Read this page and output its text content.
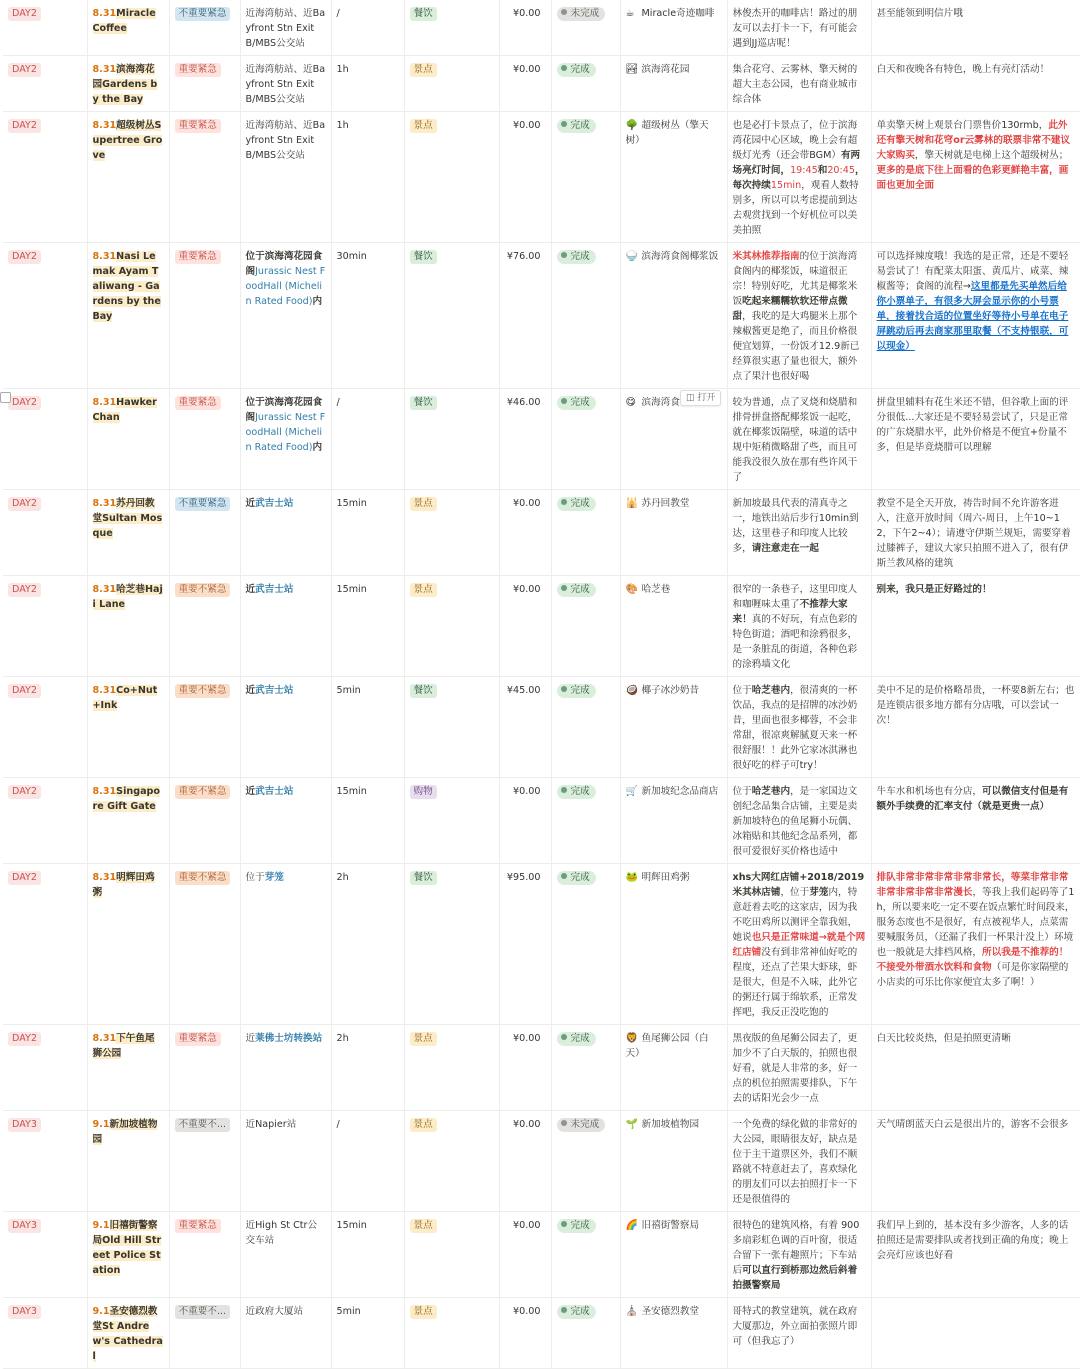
DAY2	8.31Miracle Coffee	不重要紧急	近海湾舫站、近Bayfront Stn Exit B/MBS公交站	/	餐饮	¥0.00	未完成	☕ Miracle奇迹咖啡	林俊杰开的咖啡店！路过的朋友可以去打卡一下，有可能会遇到JJ巡店呢！	甚至能领到明信片哦
DAY2	8.31滨海湾花园Gardens by the Bay	重要紧急	近海湾舫站、近Bayfront Stn Exit B/MBS公交站	1h	景点	¥0.00	完成	🏞 滨海湾花园	集合花穹、云雾林、擎天树的超大主态公园，也有商业城市综合体	白天和夜晚各有特色，晚上有亮灯活动！
DAY2	8.31超级树丛Supertree Grove	重要紧急	近海湾舫站、近Bayfront Stn Exit B/MBS公交站	1h	景点	¥0.00	完成	🌳 超级树丛（擎天树）	也是必打卡景点了，位于滨海湾花园中心区域，晚上会有超级灯光秀（还会带BGM）有两场亮灯时间，19:45和20:45，每次持续15min，观看人数特别多，所以可以考虑提前到达去观赏找到一个好机位可以美美拍照	单卖擎天树上观景台门票售价130rmb，此外还有擎天树和花穹or云雾林的联票非常不建议大家购买，擎天树就是电梯上这个超级树丛；更多的是底下往上面看的色彩更鲜艳丰富，画面也更加全面
DAY2	8.31Nasi Lemak Ayam Taliwang - Gardens by the Bay	重要紧急	位于滨海湾花园食阁Jurassic Nest FoodHall (Michelin Rated Food)内	30min	餐饮	¥76.00	完成	🍚 滨海湾食阁椰浆饭	米其林推荐指南的位于滨海湾食阁内的椰浆饭，味道很正宗！特别好吃，尤其是椰浆米饭吃起来糯糯软软还带点微甜，我吃的是大鸡腿米上那个辣椒酱更是绝了，而且价格很便宜划算，一份饭才12.9新已经算很实惠了量也很大，额外点了果汁也很好喝	可以选择辣度哦！我选的是正常，还是不要轻易尝试了！有配菜太阳蛋、黄瓜片、咸菜、辣椒酱等；食阁的流程→这里都是先买单然后给你小票单子，有很多大屏会显示你的小号票单，接着找合适的位置坐好等待小号单在电子屏跳动后再去商家那里取餐（不支持银联，可以现金）
DAY2	8.31Hawker Chan	重要紧急	位于滨海湾花园食阁Jurassic Nest FoodHall (Michelin Rated Food)内	/	餐饮	¥46.00	完成	😋 滨海湾食	较为普通，点了叉烧和烧腊和排骨拼盘搭配椰浆饭一起吃，就在椰浆饭隔壁，味道的话中规中矩稍微略甜了些，而且可能我没很久放在那有些许风干了	拼盘里辅料有花生米还不错，但谷歌上面的评分很低...大家还是不要轻易尝试了，只是正常的广东烧腊水平，此外价格是不便宜+份量不多，但是毕竟烧腊可以理解
DAY2	8.31苏丹回教堂Sultan Mosque	不重要紧急	近武吉士站	15min	景点	¥0.00	完成	🕌 苏丹回教堂	新加坡最具代表的清真寺之一，地铁出站后步行10min到达，这里巷子和印度人比较多，请注意走在一起	教堂不是全天开放，祷告时间不允许游客进入，注意开放时间（周六-周日，上午10~12，下午2~4）；请遵守伊斯兰规矩，需要穿着过膝裤子，建议大家只拍照不进入了，很有伊斯兰教风格的建筑
DAY2	8.31哈芝巷Haji Lane	重要不紧急	近武吉士站	15min	景点	¥0.00	完成	🎨 哈芝巷	很窄的一条巷子，这里印度人和咖喱味太重了不推荐大家来！真的不好玩，有点色彩的特色街道；酒吧和涂鸦很多，是一条脏乱的街道，各种色彩的涂鸦墙文化	别来，我只是正好路过的！
DAY2	8.31Co+Nut+Ink	重要不紧急	近武吉士站	5min	餐饮	¥45.00	完成	🥥 椰子冰沙奶昔	位于哈芝巷内，很清爽的一杯饮品，我点的是招牌的冰沙奶昔，里面也很多椰蓉，不会非常甜，很凉爽解腻夏天来一杯很舒服！！此外它家冰淇淋也很好吃的样子可try！	美中不足的是价格略昂贵，一杯要8新左右；也是连锁店很多地方都有分店哦，可以尝试一次！
DAY2	8.31Singapore Gift Gate	重要不紧急	近武吉士站	15min	购物	¥0.00	完成	🛒 新加坡纪念品商店	位于哈芝巷内，是一家国边文创纪念品集合店铺，主要是卖新加坡特色的鱼尾狮小玩偶、冰箱贴和其他纪念品系列，都很可爱很好买价格也适中	牛车水和机场也有分店，可以微信支付但是有额外手续费的汇率支付（就是更贵一点）
DAY2	8.31明辉田鸡粥	重要不紧急	位于芽笼	2h	餐饮	¥95.00	完成	🐸 明辉田鸡粥	xhs大网红店铺+2018/2019米其林店铺，位于芽笼内，特意赶着去吃的这家店，因为我不吃田鸡所以测评全靠我姐，她说也只是正常味道→就是个网红店铺没有到非常神仙好吃的程度，还点了芒果大虾球，虾是很大，但是不入味，此外它的粥还行属于绵软系，正常发挥吧，我反正没吃饱的	排队非常非常非常非常非常长，等菜非常非常非常非常非常非常漫长，等我上我们起码等了1h，所以要来吃一定不要在饭点繁忙时间段来，服务态度也不是很好，有点被视华人，点菜需要喊服务员，（还漏了我们一杯果汁没上）环境也一般就是大排档风格，所以我是不推荐的！不接受外带酒水饮料和食物（可是你家隔壁的小店卖的可乐比你家便宜太多了啊！）
DAY2	8.31下午鱼尾狮公园	重要紧急	近莱佛士坊转换站	2h	景点	¥0.00	完成	🦁 鱼尾狮公园（白天）	黑夜版的鱼尾狮公园去了，更加少不了白天版的，拍照也很好看，就是人非常的多，好一点的机位拍照需要排队，下午去的话阳光会少一点	白天比较炎热，但是拍照更清晰
DAY3	9.1新加坡植物园	不重要不...	近Napier站	/	景点	¥0.00	未完成	🌱 新加坡植物园	一个免费的绿化做的非常好的大公园，眼睛很友好，缺点是位于主干道票区外，我们不顺路就不特意赶去了，喜欢绿化的朋友们可以去拍照打卡一下还是很值得的	天气晴朗蓝天白云是很出片的，游客不会很多
DAY3	9.1旧禧街警察局Old Hill Street Police Station	重要紧急	近High St Ctr公交车站	15min	景点	¥0.00	完成	🌈 旧禧街警察局	很特色的建筑风格，有着 900 多扇彩虹色调的百叶窗，很适合留下一张有趣照片；下车站后可以直行到桥那边然后斜着拍摄警察局	我们早上到的，基本没有多少游客，人多的话拍照还是需要排队或者找到正确的角度；晚上会亮灯应该也好看
DAY3	9.1圣安德烈教堂St Andrew's Cathedral	不重要不...	近政府大厦站	5min	景点	¥0.00	完成	⛪ 圣安德烈教堂	哥特式的教堂建筑，就在政府大厦那边，外立面拍张照片即可（但我忘了）	
◫ 打开
